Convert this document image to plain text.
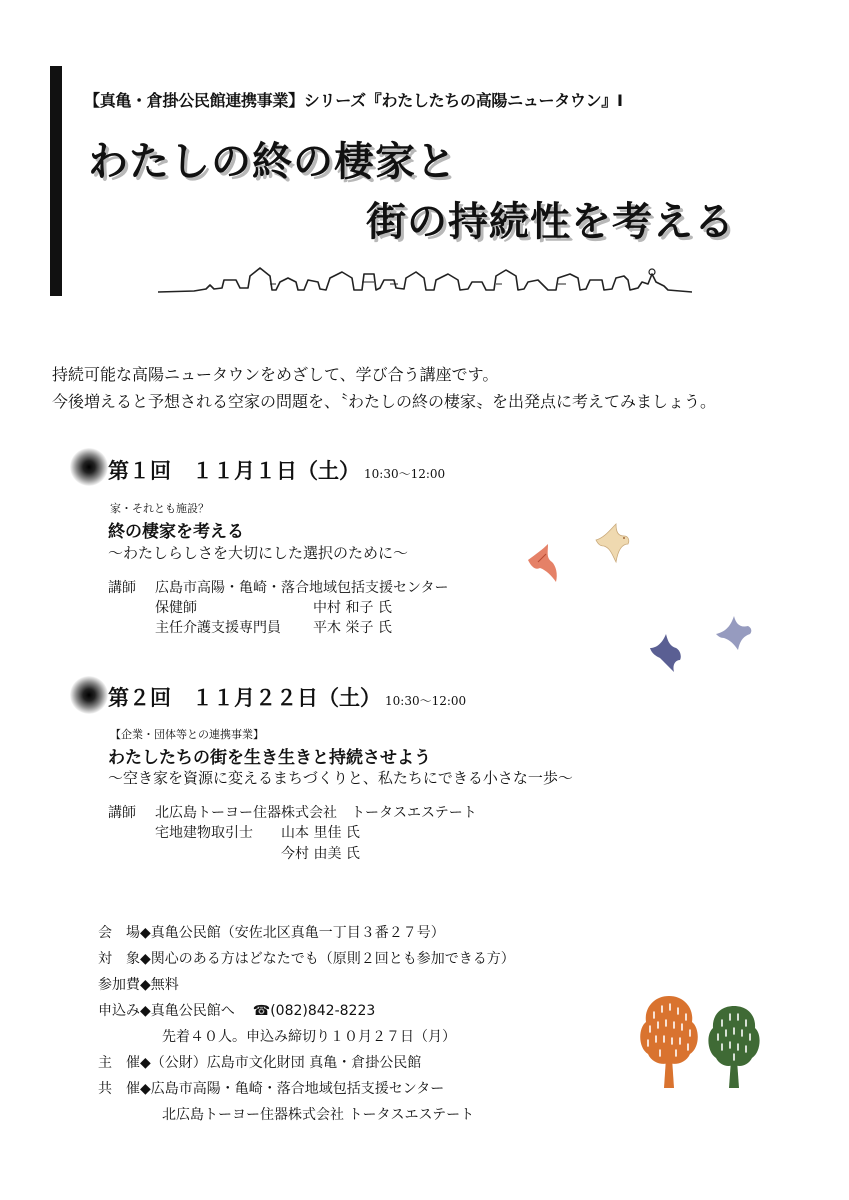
【真亀・倉掛公民館連携事業】シリーズ『わたしたちの高陽ニュータウン』Ⅰ
わたしの終の棲家と
街の持続性を考える
持続可能な高陽ニュータウンをめざして、学び合う講座です。
今後増えると予想される空家の問題を、〝わたしの終の棲家〟を出発点に考えてみましょう。
第１回　１１月１日（土） 10:30〜12:00
家・それとも施設？
終の棲家を考える
〜わたしらしさを大切にした選択のために〜
講師 広島市高陽・亀崎・落合地域包括支援センター
保健師	中村 和子 氏
主任介護支援専門員 平木 栄子 氏
第２回　１１月２２日（土） 10:30〜12:00
【企業・団体等との連携事業】
わたしたちの街を生き生きと持続させよう
〜空き家を資源に変えるまちづくりと、私たちにできる小さな一歩〜
講師 北広島トーヨー住器株式会社　トータスエステート
宅地建物取引士 山本 里佳 氏
今村 由美 氏
会　場◆真亀公民館（安佐北区真亀一丁目３番２７号）
対　象◆関心のある方はどなたでも（原則２回とも参加できる方）
参加費◆無料
申込み◆真亀公民館へ ☎(082)842-8223
先着４０人。申込み締切り１０月２７日（月）
主　催◆（公財）広島市文化財団 真亀・倉掛公民館
共　催◆広島市高陽・亀崎・落合地域包括支援センター
北広島トーヨー住器株式会社 トータスエステート
